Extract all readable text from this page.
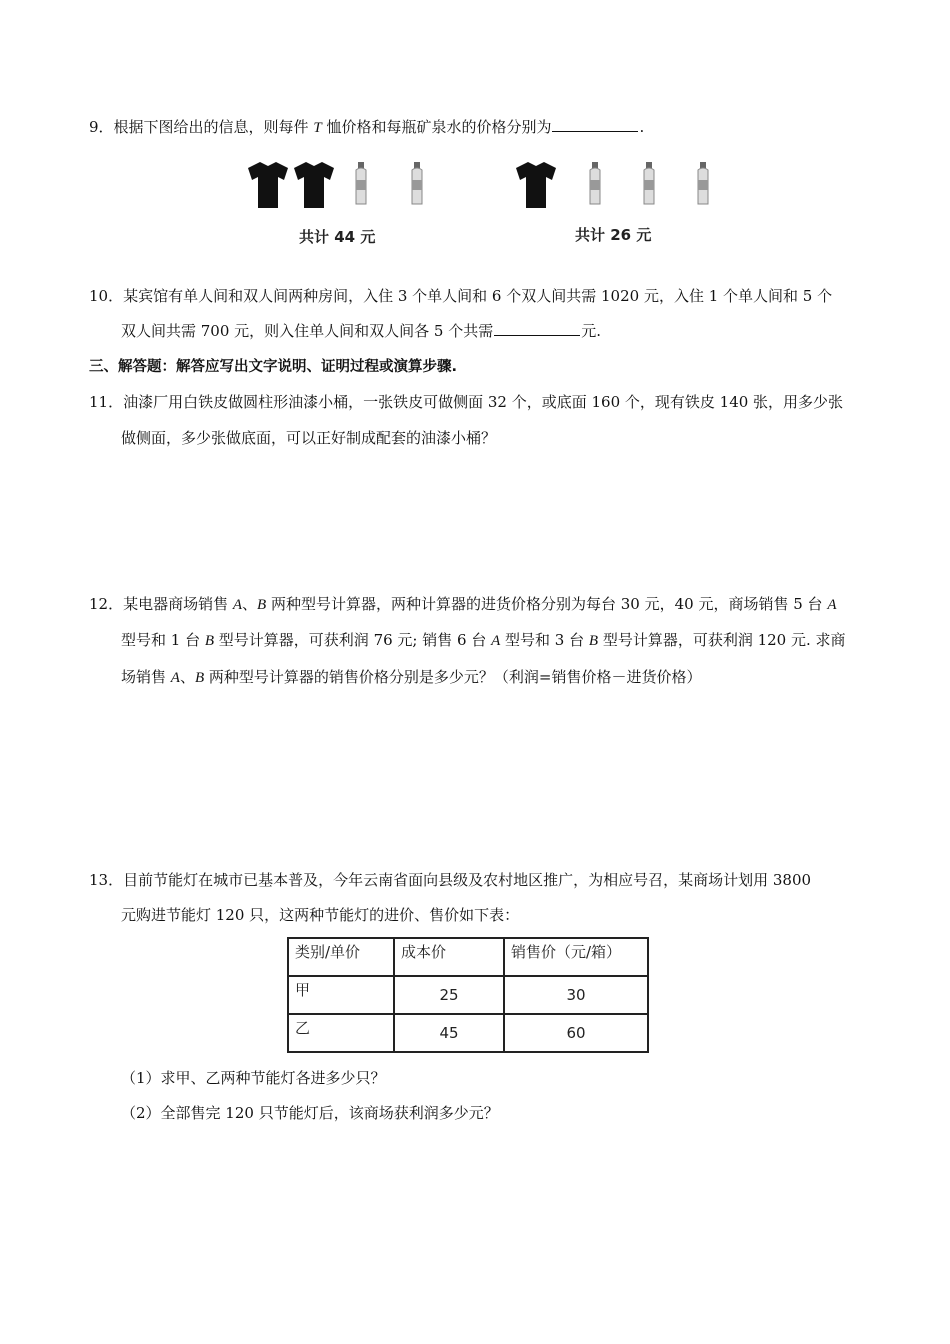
9．根据下图给出的信息，则每件 T 恤价格和每瓶矿泉水的价格分别为	.
共计 44 元	共计 26 元
10．某宾馆有单人间和双人间两种房间，入住 3 个单人间和 6 个双人间共需 1020 元，入住 1 个单人间和 5 个
双人间共需 700 元，则入住单人间和双人间各 5 个共需	元.
三、解答题：解答应写出文字说明、证明过程或演算步骤.
11．油漆厂用白铁皮做圆柱形油漆小桶，一张铁皮可做侧面 32 个，或底面 160 个，现有铁皮 140 张，用多少张
做侧面，多少张做底面，可以正好制成配套的油漆小桶？
12．某电器商场销售 A、B 两种型号计算器，两种计算器的进货价格分别为每台 30 元，40 元，商场销售 5 台 A
型号和 1 台 B 型号计算器，可获利润 76 元; 销售 6 台 A 型号和 3 台 B 型号计算器，可获利润 120 元. 求商
场销售 A、B 两种型号计算器的销售价格分别是多少元？（利润=销售价格－进货价格）
13．目前节能灯在城市已基本普及，今年云南省面向县级及农村地区推广，为相应号召，某商场计划用 3800
元购进节能灯 120 只，这两种节能灯的进价、售价如下表：
类别/单价	成本价	销售价（元/箱）
甲	25	30
乙	45	60
（1）求甲、乙两种节能灯各进多少只？
（2）全部售完 120 只节能灯后，该商场获利润多少元？
